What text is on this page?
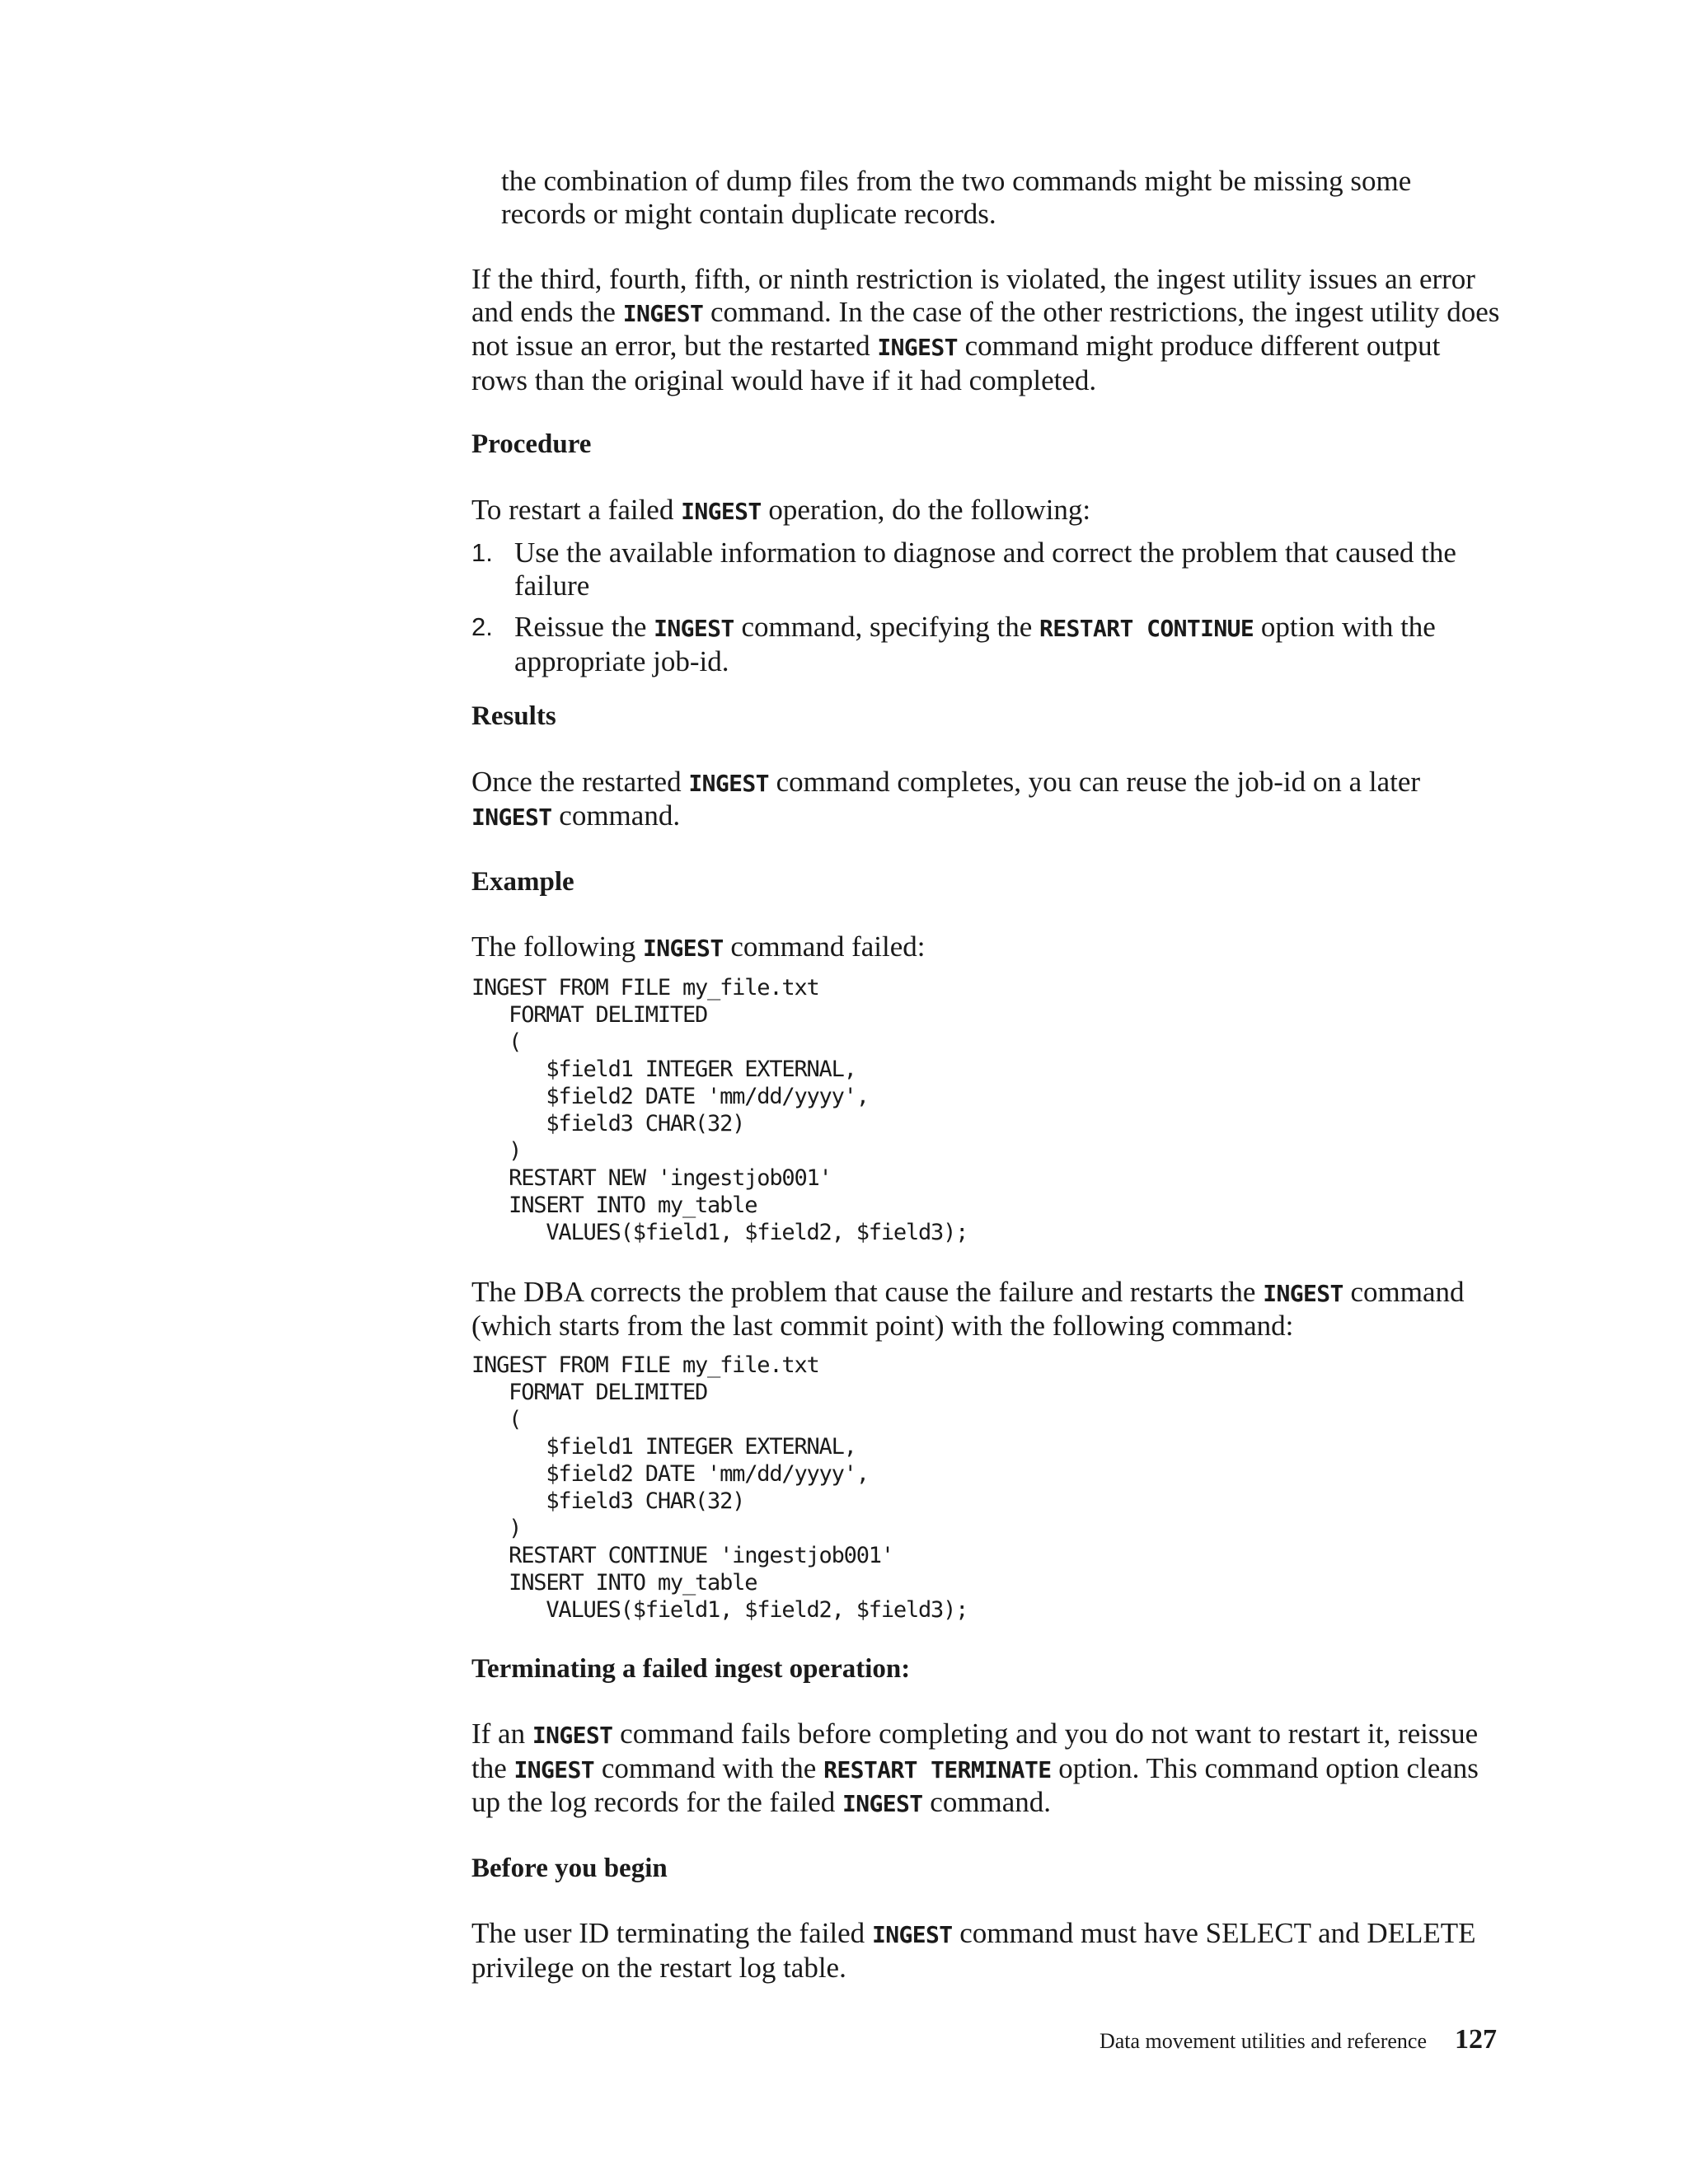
the combination of dump files from the two commands might be missing some
records or might contain duplicate records.

If the third, fourth, fifth, or ninth restriction is violated, the ingest utility issues an error and ends the INGEST command. In the case of the other restrictions, the ingest utility does not issue an error, but the restarted INGEST command might produce different output rows than the original would have if it had completed.

Procedure

To restart a failed INGEST operation, do the following:

1. Use the available information to diagnose and correct the problem that caused the failure
2. Reissue the INGEST command, specifying the RESTART CONTINUE option with the appropriate job-id.
Results

Once the restarted INGEST command completes, you can reuse the job-id on a later INGEST command.

Example

The following INGEST command failed:

INGEST FROM FILE my_file.txt
FORMAT DELIMITED
(
$field1 INTEGER EXTERNAL,
$field2 DATE 'mm/dd/yyyy',
$field3 CHAR(32)
)
RESTART NEW 'ingestjob001'
INSERT INTO my_table
VALUES($field1, $field2, $field3);

The DBA corrects the problem that cause the failure and restarts the INGEST command (which starts from the last commit point) with the following command:

INGEST FROM FILE my_file.txt
FORMAT DELIMITED
(
$field1 INTEGER EXTERNAL,
$field2 DATE 'mm/dd/yyyy',
$field3 CHAR(32)
)
RESTART CONTINUE 'ingestjob001'
INSERT INTO my_table
VALUES($field1, $field2, $field3);
Terminating a failed ingest operation:

If an INGEST command fails before completing and you do not want to restart it, reissue the INGEST command with the RESTART TERMINATE option. This command option cleans up the log records for the failed INGEST command.

Before you begin

The user ID terminating the failed INGEST command must have SELECT and DELETE privilege on the restart log table.

Data movement utilities and reference 127
